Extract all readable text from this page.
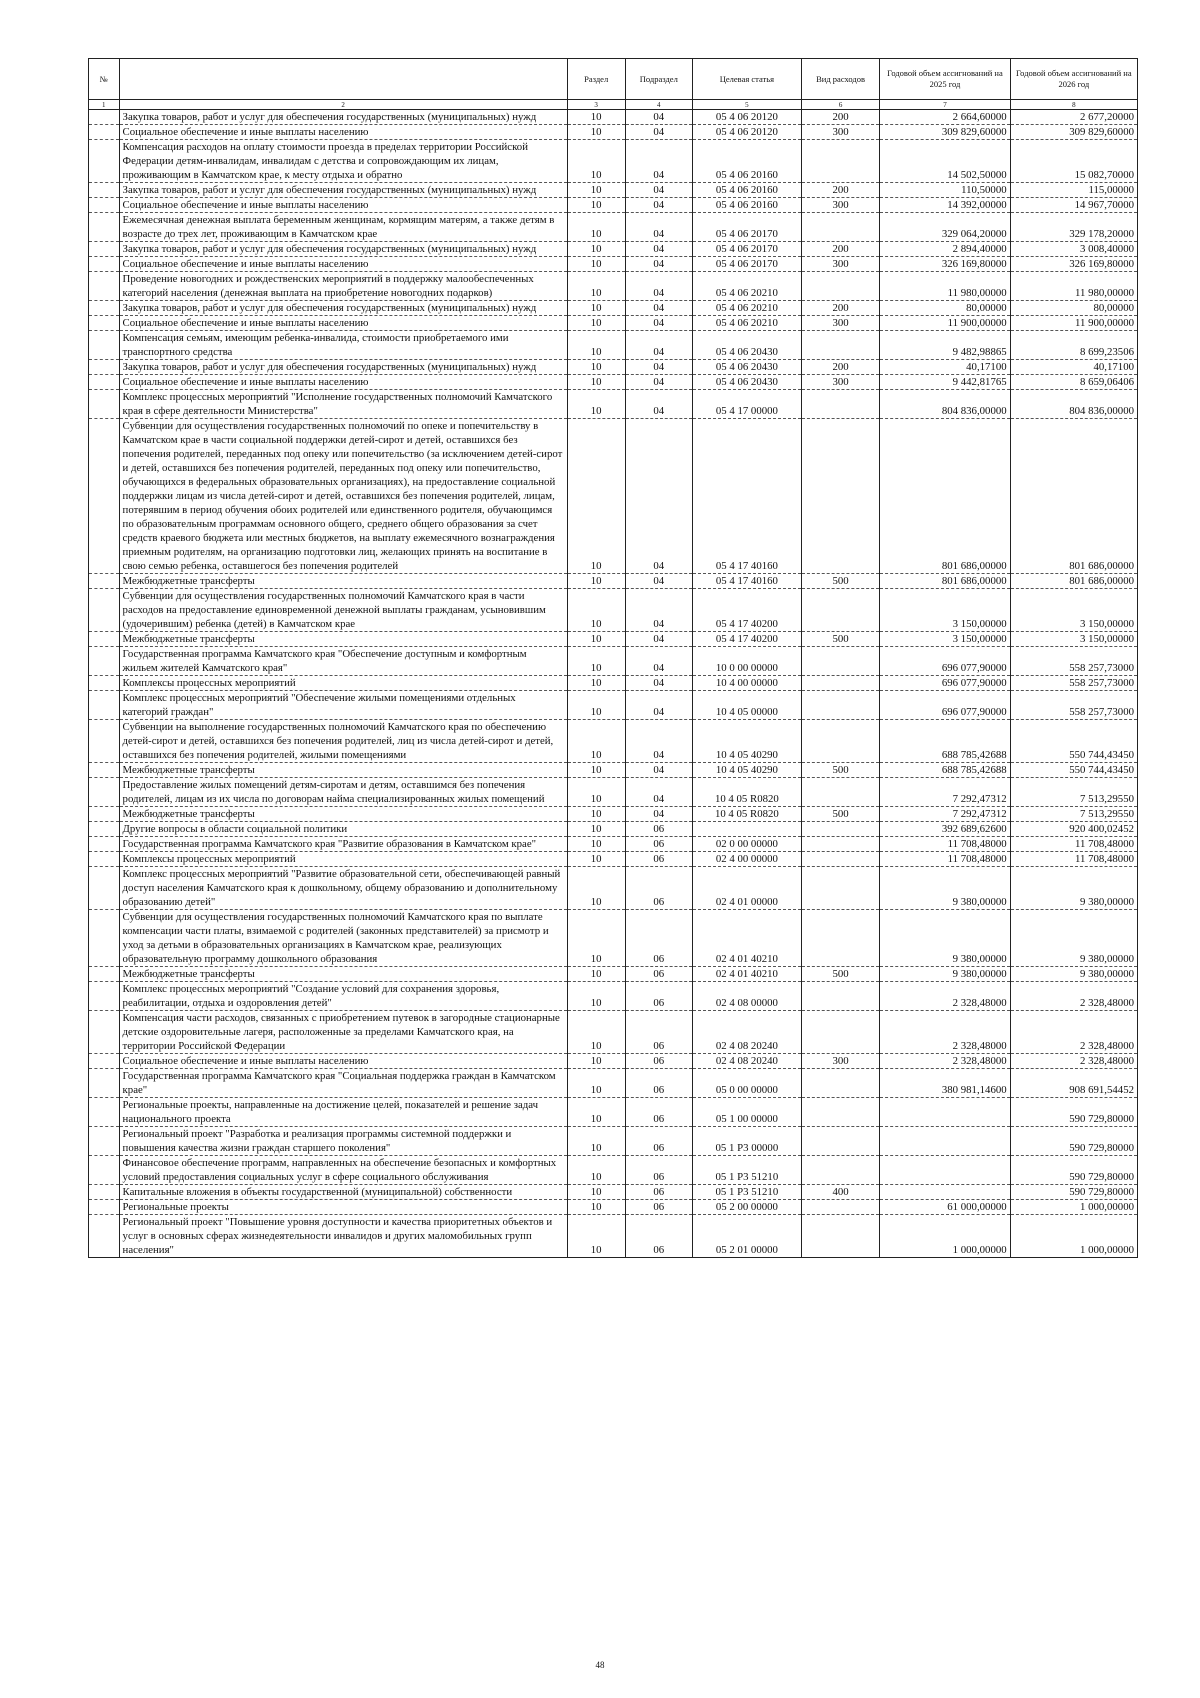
№		Раздел	Подраздел	Целевая статья	Вид расходов	Годовой объем ассигнований на 2025 год	Годовой объем ассигнований на 2026 год
1	2	3	4	5	6	7	8
	Закупка товаров, работ и услуг для обеспечения государственных (муниципальных) нужд	10	04	05 4 06 20120	200	2 664,60000	2 677,20000
	Социальное обеспечение и иные выплаты населению	10	04	05 4 06 20120	300	309 829,60000	309 829,60000
	Компенсация расходов на оплату стоимости проезда в пределах территории Российской Федерации детям-инвалидам, инвалидам с детства и сопровождающим их лицам, проживающим в Камчатском крае, к месту отдыха и обратно	10	04	05 4 06 20160		14 502,50000	15 082,70000
	Закупка товаров, работ и услуг для обеспечения государственных (муниципальных) нужд	10	04	05 4 06 20160	200	110,50000	115,00000
	Социальное обеспечение и иные выплаты населению	10	04	05 4 06 20160	300	14 392,00000	14 967,70000
	Ежемесячная денежная выплата беременным женщинам, кормящим матерям, а также детям в возрасте до трех лет, проживающим в Камчатском крае	10	04	05 4 06 20170		329 064,20000	329 178,20000
	Закупка товаров, работ и услуг для обеспечения государственных (муниципальных) нужд	10	04	05 4 06 20170	200	2 894,40000	3 008,40000
	Социальное обеспечение и иные выплаты населению	10	04	05 4 06 20170	300	326 169,80000	326 169,80000
	Проведение новогодних и рождественских мероприятий в поддержку малообеспеченных категорий населения (денежная выплата на приобретение новогодних подарков)	10	04	05 4 06 20210		11 980,00000	11 980,00000
	Закупка товаров, работ и услуг для обеспечения государственных (муниципальных) нужд	10	04	05 4 06 20210	200	80,00000	80,00000
	Социальное обеспечение и иные выплаты населению	10	04	05 4 06 20210	300	11 900,00000	11 900,00000
	Компенсация семьям, имеющим ребенка-инвалида, стоимости приобретаемого ими транспортного средства	10	04	05 4 06 20430		9 482,98865	8 699,23506
	Закупка товаров, работ и услуг для обеспечения государственных (муниципальных) нужд	10	04	05 4 06 20430	200	40,17100	40,17100
	Социальное обеспечение и иные выплаты населению	10	04	05 4 06 20430	300	9 442,81765	8 659,06406
	Комплекс процессных мероприятий "Исполнение государственных полномочий Камчатского края в сфере деятельности Министерства"	10	04	05 4 17 00000		804 836,00000	804 836,00000
	Субвенции для осуществления государственных полномочий по опеке и попечительству в Камчатском крае в части социальной поддержки детей-сирот и детей, оставшихся без попечения родителей, переданных под опеку или попечительство (за исключением детей-сирот и детей, оставшихся без попечения родителей, переданных под опеку или попечительство, обучающихся в федеральных образовательных организациях), на предоставление социальной поддержки лицам из числа детей-сирот и детей, оставшихся без попечения родителей, лицам, потерявшим в период обучения обоих родителей или единственного родителя, обучающимся по образовательным программам основного общего, среднего общего образования за счет средств краевого бюджета или местных бюджетов, на выплату ежемесячного вознаграждения приемным родителям, на организацию подготовки лиц, желающих принять на воспитание в свою семью ребенка, оставшегося без попечения родителей	10	04	05 4 17 40160		801 686,00000	801 686,00000
	Межбюджетные трансферты	10	04	05 4 17 40160	500	801 686,00000	801 686,00000
	Субвенции для осуществления государственных полномочий Камчатского края в части расходов на предоставление единовременной денежной выплаты гражданам, усыновившим (удочерившим) ребенка (детей) в Камчатском крае	10	04	05 4 17 40200		3 150,00000	3 150,00000
	Межбюджетные трансферты	10	04	05 4 17 40200	500	3 150,00000	3 150,00000
	Государственная программа Камчатского края "Обеспечение доступным и комфортным жильем жителей Камчатского края"	10	04	10 0 00 00000		696 077,90000	558 257,73000
	Комплексы процессных мероприятий	10	04	10 4 00 00000		696 077,90000	558 257,73000
	Комплекс процессных мероприятий "Обеспечение жилыми помещениями отдельных категорий граждан"	10	04	10 4 05 00000		696 077,90000	558 257,73000
	Субвенции на выполнение государственных полномочий Камчатского края по обеспечению детей-сирот и детей, оставшихся без попечения родителей, лиц из числа детей-сирот и детей, оставшихся без попечения родителей, жилыми помещениями	10	04	10 4 05 40290		688 785,42688	550 744,43450
	Межбюджетные трансферты	10	04	10 4 05 40290	500	688 785,42688	550 744,43450
	Предоставление жилых помещений детям-сиротам и детям, оставшимся без попечения родителей, лицам из их числа по договорам найма специализированных жилых помещений	10	04	10 4 05 R0820		7 292,47312	7 513,29550
	Межбюджетные трансферты	10	04	10 4 05 R0820	500	7 292,47312	7 513,29550
	Другие вопросы в области социальной политики	10	06			392 689,62600	920 400,02452
	Государственная программа Камчатского края "Развитие образования в Камчатском крае"	10	06	02 0 00 00000		11 708,48000	11 708,48000
	Комплексы процессных мероприятий	10	06	02 4 00 00000		11 708,48000	11 708,48000
	Комплекс процессных мероприятий "Развитие образовательной сети, обеспечивающей равный доступ населения Камчатского края к дошкольному, общему образованию и дополнительному образованию детей"	10	06	02 4 01 00000		9 380,00000	9 380,00000
	Субвенции для осуществления государственных полномочий Камчатского края по выплате компенсации части платы, взимаемой с родителей (законных представителей) за присмотр и уход за детьми в образовательных организациях в Камчатском крае, реализующих образовательную программу дошкольного образования	10	06	02 4 01 40210		9 380,00000	9 380,00000
	Межбюджетные трансферты	10	06	02 4 01 40210	500	9 380,00000	9 380,00000
	Комплекс процессных мероприятий "Создание условий для сохранения здоровья, реабилитации, отдыха и оздоровления детей"	10	06	02 4 08 00000		2 328,48000	2 328,48000
	Компенсация части расходов, связанных с приобретением путевок в загородные стационарные детские оздоровительные лагеря, расположенные за пределами Камчатского края, на территории Российской Федерации	10	06	02 4 08 20240		2 328,48000	2 328,48000
	Социальное обеспечение и иные выплаты населению	10	06	02 4 08 20240	300	2 328,48000	2 328,48000
	Государственная программа Камчатского края "Социальная поддержка граждан в Камчатском крае"	10	06	05 0 00 00000		380 981,14600	908 691,54452
	Региональные проекты, направленные на достижение целей, показателей и решение задач национального проекта	10	06	05 1 00 00000			590 729,80000
	Региональный проект "Разработка и реализация программы системной поддержки и повышения качества жизни граждан старшего поколения"	10	06	05 1 P3 00000			590 729,80000
	Финансовое обеспечение программ, направленных на обеспечение безопасных и комфортных условий предоставления социальных услуг в сфере социального обслуживания	10	06	05 1 P3 51210			590 729,80000
	Капитальные вложения в объекты государственной (муниципальной) собственности	10	06	05 1 P3 51210	400		590 729,80000
	Региональные проекты	10	06	05 2 00 00000		61 000,00000	1 000,00000
	Региональный проект "Повышение уровня доступности и качества приоритетных объектов и услуг в основных сферах жизнедеятельности инвалидов и других маломобильных групп населения"	10	06	05 2 01 00000		1 000,00000	1 000,00000
48
